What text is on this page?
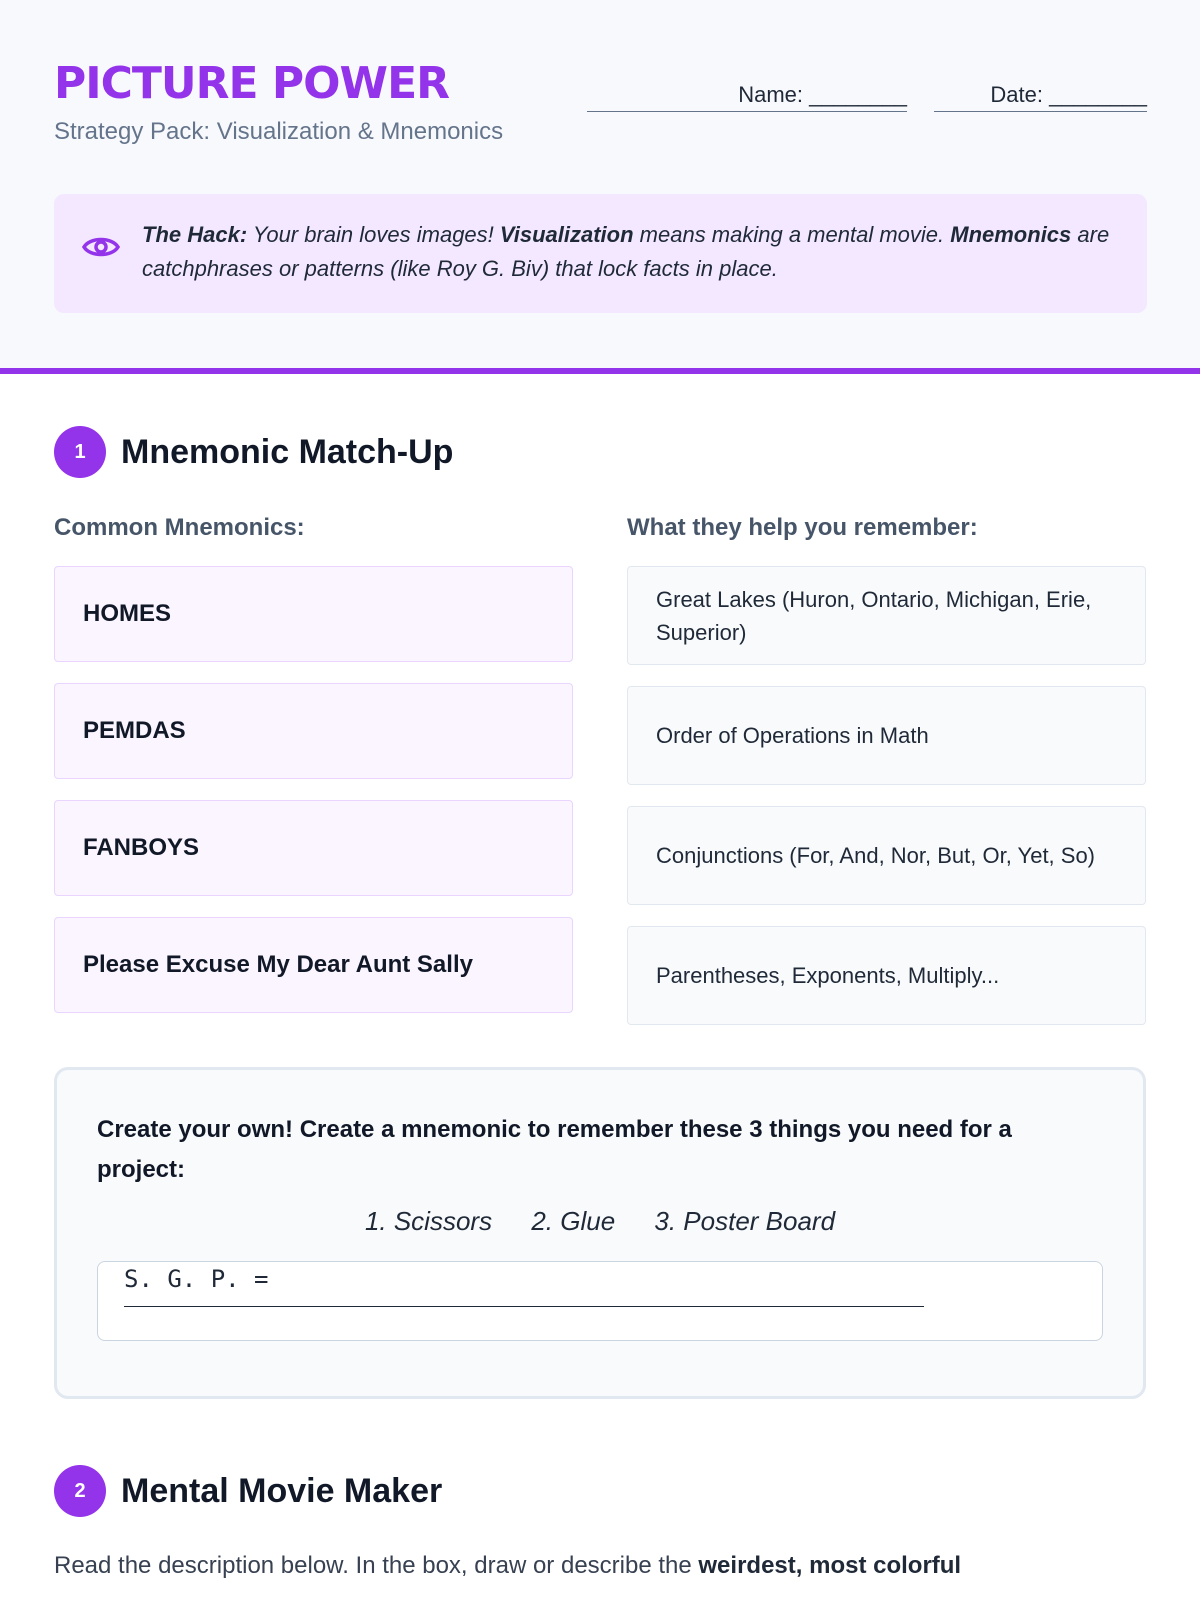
PICTURE POWER
Strategy Pack: Visualization & Mnemonics
Name: ________	Date: ________
The Hack: Your brain loves images! Visualization means making a mental movie. Mnemonics are catchphrases or patterns (like Roy G. Biv) that lock facts in place.
1	Mnemonic Match-Up
Common Mnemonics:
HOMES
PEMDAS
FANBOYS
Please Excuse My Dear Aunt Sally
What they help you remember:
Great Lakes (Huron, Ontario, Michigan, Erie, Superior)
Order of Operations in Math
Conjunctions (For, And, Nor, But, Or, Yet, So)
Parentheses, Exponents, Multiply...
Create your own! Create a mnemonic to remember these 3 things you need for a project:
1. Scissors 2. Glue 3. Poster Board
S. G. P. =
2	Mental Movie Maker
Read the description below. In the box, draw or describe the weirdest, most colorful
